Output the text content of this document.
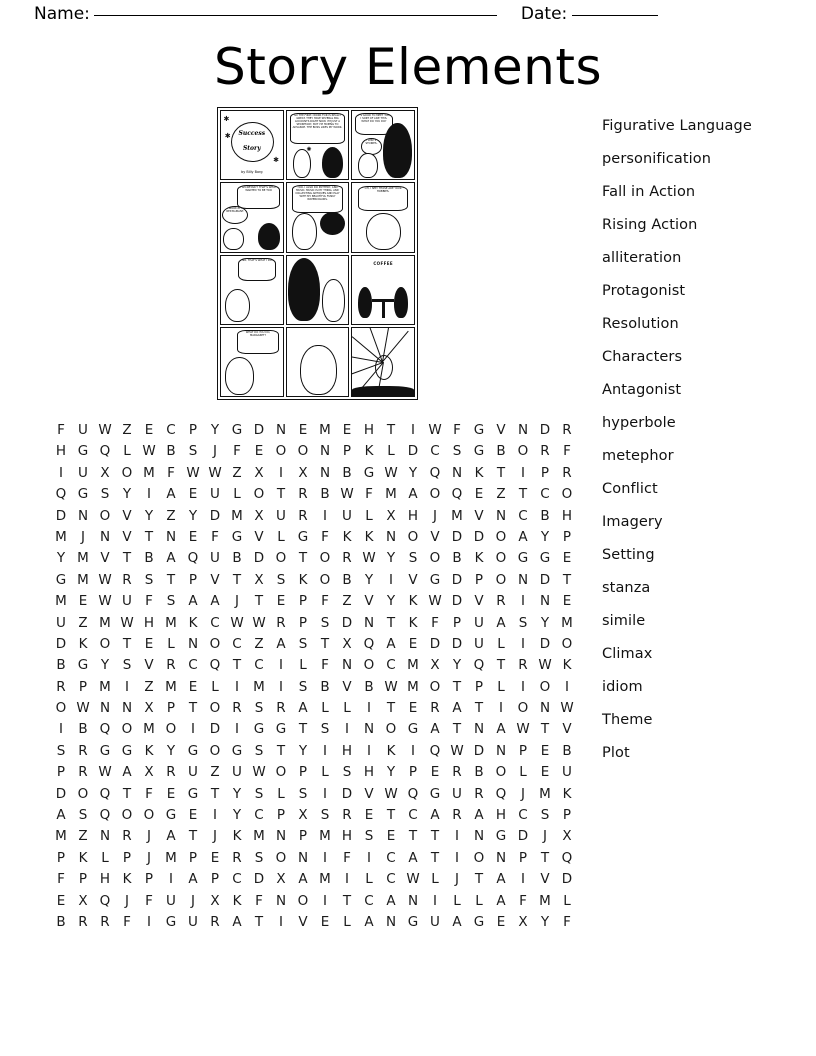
Name:	Date:
Story Elements
✱
✱
✱
Success
Story
by Billy Borg
SO THE FIRM I WORK FOR IS REALLY GREAT. THEY HAVE SEVERAL BIG ACCOUNTS RIGHT NOW. I'M JUST A SECRETARY, BUT I'M HOPING TO ADVANCE. THE BOSS LIKES MY WORK.
✺
IT'S GOOD TO MEET YOU. I SORT OF LIKE THIS. WHAT DO YOU DO?
I WRITE STORIES.
A SECRETARY? THAT'S WHAT I WANTED TO BE TOO
I WORK AT A RESTAURANT.
TOO. I ALSO DO POTTERY, AND MUSIC. MUSIC IS MY THING, AND COLLECTING ANTIQUES AND PLAY WITH MY BEAUTIFUL FUNKY WATERCOLORS.
OH, I SEE! THOSE ARE YOUR HOBBIES.
NO, THAT'S WHAT I DO.
COFFEE
WHAT DO YOU DO, MARGARET?
Figurative Language
personification
Fall in Action
Rising Action
alliteration
Protagonist
Resolution
Characters
Antagonist
hyperbole
metephor
Conflict
Imagery
Setting
stanza
simile
Climax
idiom
Theme
Plot
F U W Z E C P	Y G D N E M E H T	I W F G V N D R
H G Q L W B S	J	F	E O O N P K	L D C S G B O R F
I	U X O M F W W Z X	I	X N B G W Y Q N K T	I	P R
Q G S	Y	I	A E U L O T R B W F M A O Q E Z T C O
D N O V Y Z Y D M X U R	I	U L	X H	J	M V N C B H
M	J	N V T N E	F G V	L G F	K K N O V D D O A Y	P
Y M V T B A Q U B D O T O R W Y	S O B K O G G E
G M W R S	T	P V T X S K O B Y	I	V G D P O N D T
M E W U F	S A A	J	T	E	P	F	Z V Y K W D V R	I	N E
U Z M W H M K C W W R P	S D N T K	F	P U A S	Y M
D K O T	E	L N O C Z A S	T X Q A E D D U L	I	D O
B G Y	S V R C Q T C	I	L	F N O C M X Y Q T R W K
R P M	I	Z M E	L	I	M	I	S B V B W M O T	P	L	I	O	I
O W N N X P	T O R S R A	L	L	I	T	E R A T	I	O N W
I	B Q O M O	I	D	I	G G T	S	I	N O G A T N A W T V
S R G G K Y G O G S	T	Y	I	H	I	K	I	Q W D N P	E B
P R W A X R U Z U W O P	L	S H Y	P	E R B O L	E U
D O Q T	F	E G T	Y	S	L	S	I	D V W Q G U R Q	J	M K
A S Q O O G E	I	Y C P X S R E	T C A R A H C S	P
M Z N R	J	A T	J	K M N P M H S E	T	T	I	N G D	J	X
P K	L	P	J	M P	E R S O N	I	F	I	C A T	I	O N P	T Q
F	P H K	P	I	A P C D X A M	I	L	C W L	J	T A	I	V D
E X Q	J	F U	J	X K	F N O	I	T C A N	I	L	L	A F M L
B R R F	I	G U R A T	I	V E	L	A N G U A G E X Y	F
